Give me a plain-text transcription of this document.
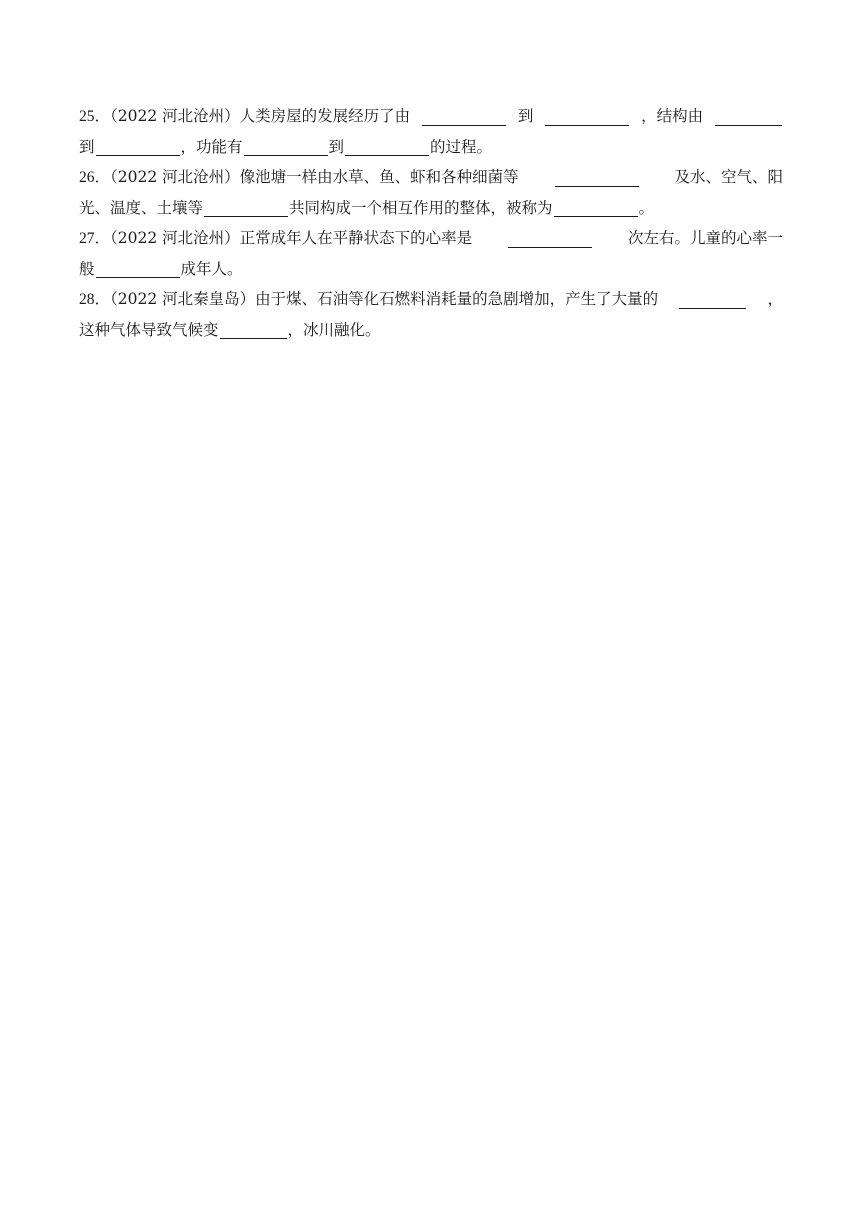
25．（2022 河北沧州）人类房屋的发展经历了由	到	，结构由
到	，功能有	到	的过程。
26．（2022 河北沧州）像池塘一样由水草、鱼、虾和各种细菌等	及水、空气、阳
光、温度、土壤等	共同构成一个相互作用的整体，被称为	。
27．（2022 河北沧州）正常成年人在平静状态下的心率是	次左右。儿童的心率一
般	成年人。
28．（2022 河北秦皇岛）由于煤、石油等化石燃料消耗量的急剧增加，产生了大量的	，
这种气体导致气候变	，冰川融化。
